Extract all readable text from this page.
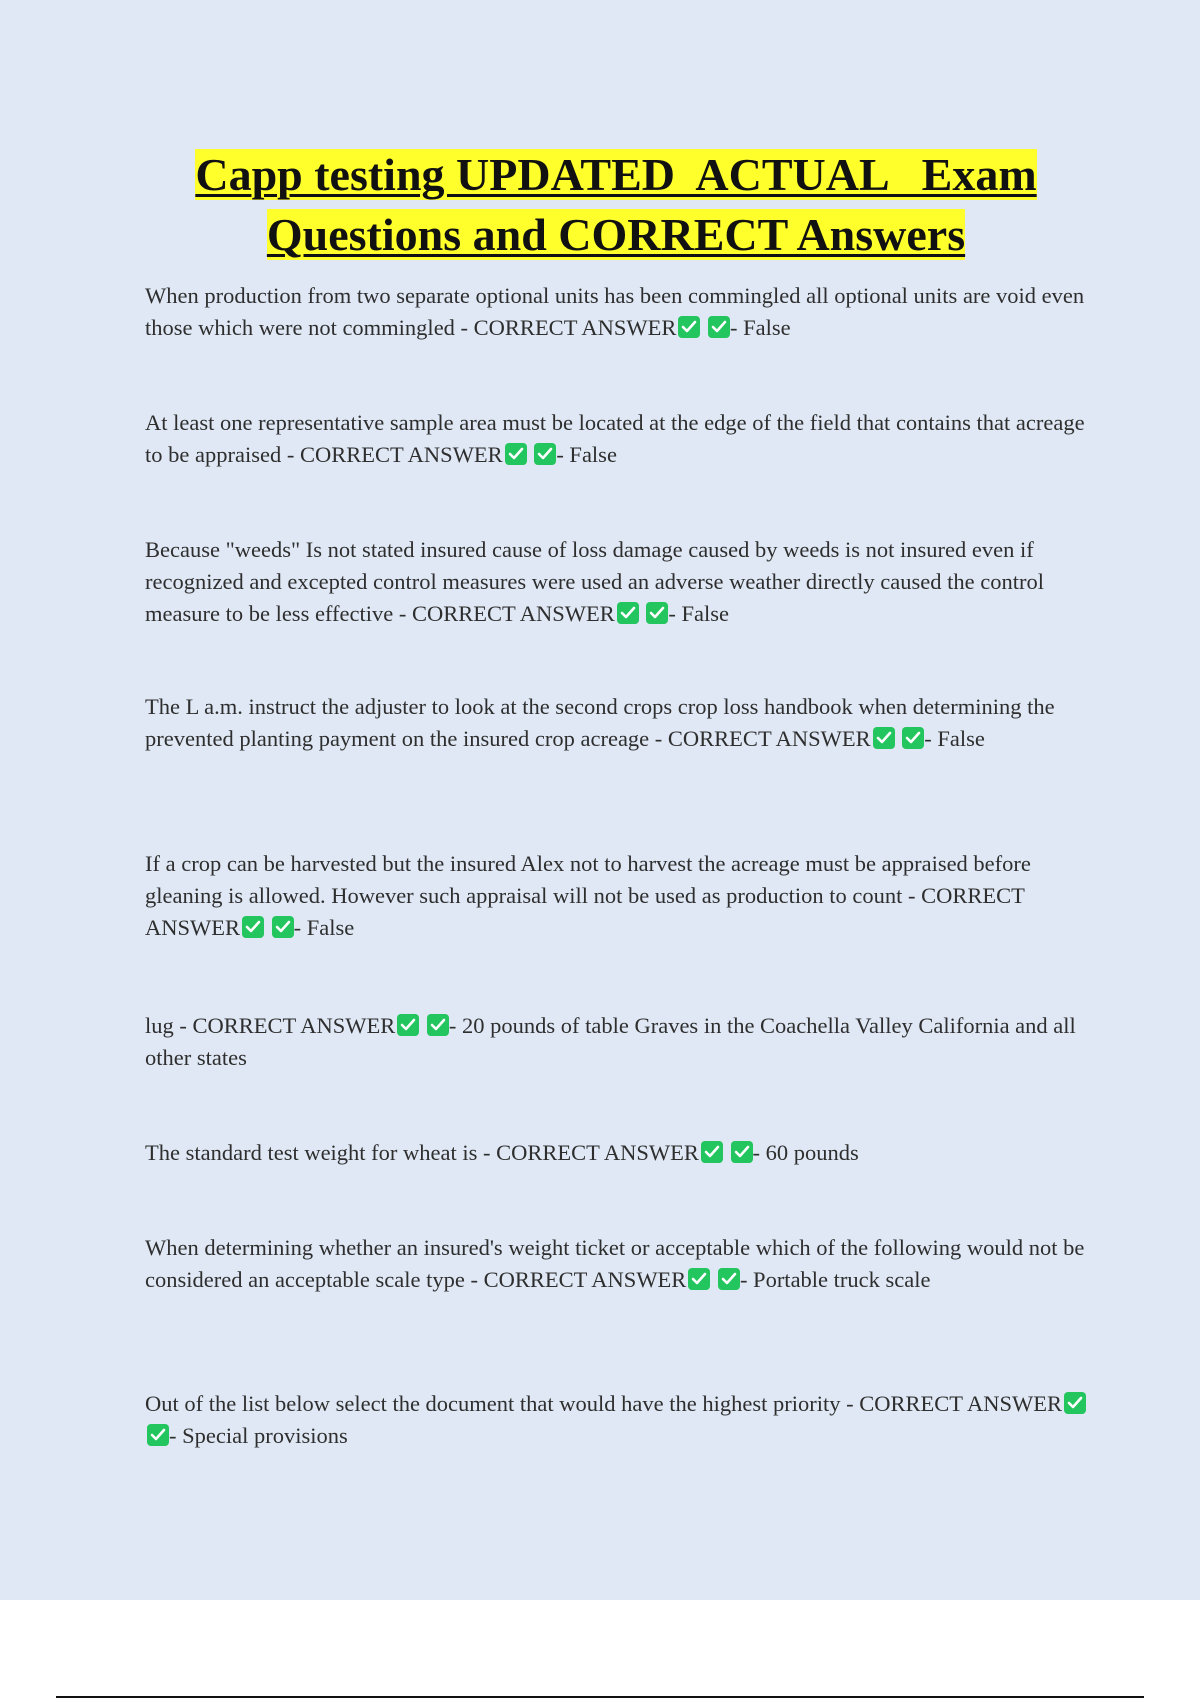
Capp testing UPDATED  ACTUAL   Exam
Questions and CORRECT Answers
When production from two separate optional units has been commingled all optional units are void even those which were not commingled - CORRECT ANSWER
- False
At least one representative sample area must be located at the edge of the field that contains that acreage to be appraised - CORRECT ANSWER
- False
Because "weeds" Is not stated insured cause of loss damage caused by weeds is not insured even if recognized and excepted control measures were used an adverse weather directly caused the control measure to be less effective - CORRECT ANSWER
- False
The L a.m. instruct the adjuster to look at the second crops crop loss handbook when determining the prevented planting payment on the insured crop acreage - CORRECT ANSWER
- False
If a crop can be harvested but the insured Alex not to harvest the acreage must be appraised before gleaning is allowed. However such appraisal will not be used as production to count - CORRECT ANSWER
- False
lug - CORRECT ANSWER
- 20 pounds of table Graves in the Coachella Valley California and all other states
The standard test weight for wheat is - CORRECT ANSWER
- 60 pounds
When determining whether an insured's weight ticket or acceptable which of the following would not be considered an acceptable scale type - CORRECT ANSWER
- Portable truck scale
Out of the list below select the document that would have the highest priority - CORRECT ANSWER

- Special provisions
